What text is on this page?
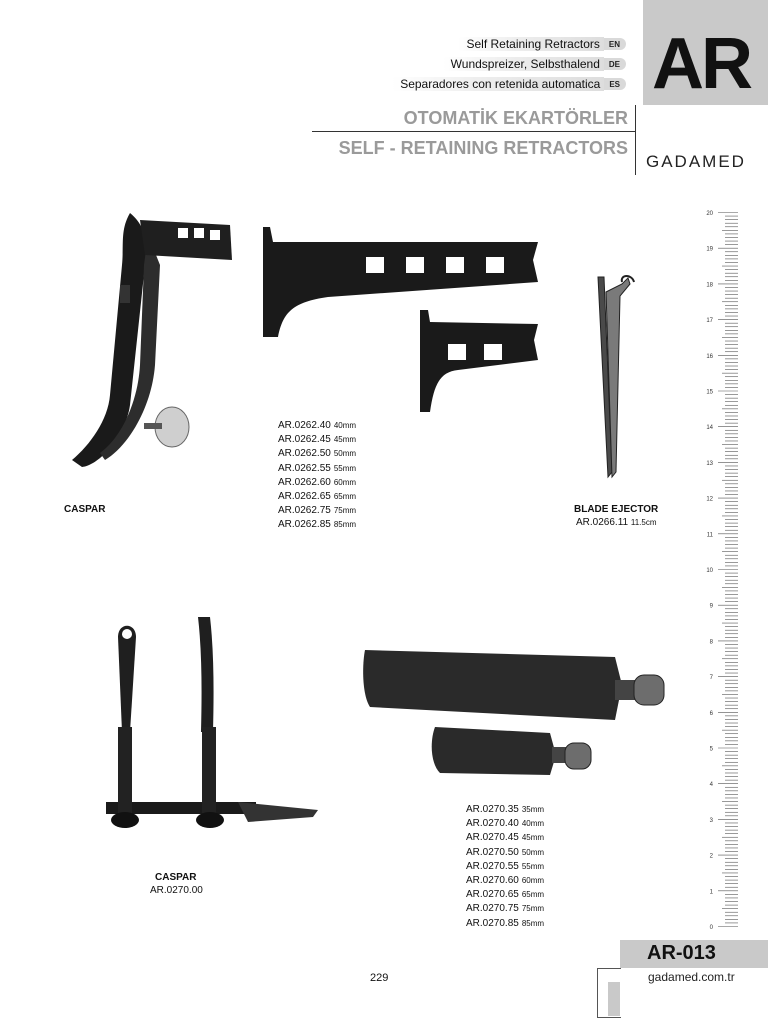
Self Retaining Retractors	EN
Wundspreizer, Selbsthalend	DE
Separadores con retenida automatica	ES AR
OTOMATİK EKARTÖRLER
SELF - RETAINING RETRACTORS
GADAMED
20
19
18
17
16
15
14
13
12
11
10
9
8
7
6
5
4
3
2
1
0
CASPAR
AR.0262.40 40mm
AR.0262.45 45mm
AR.0262.50 50mm
AR.0262.55 55mm
AR.0262.60 60mm
AR.0262.65 65mm
AR.0262.75 75mm
AR.0262.85 85mm
BLADE EJECTOR
AR.0266.11 11.5cm
CASPAR
AR.0270.00
AR.0270.35 35mm
AR.0270.40 40mm
AR.0270.45 45mm
AR.0270.50 50mm
AR.0270.55 55mm
AR.0270.60 60mm
AR.0270.65 65mm
AR.0270.75 75mm
AR.0270.85 85mm
229
AR-013
gadamed.com.tr
